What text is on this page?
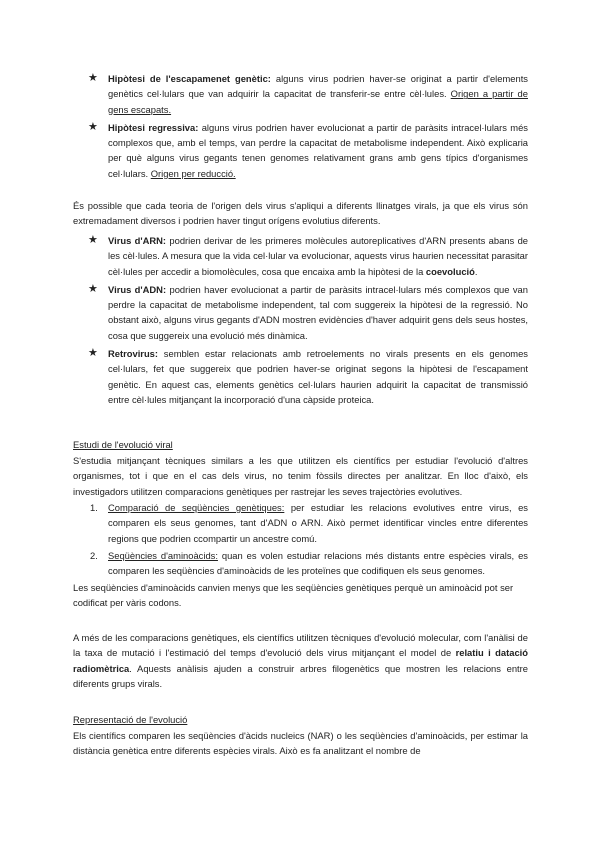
★ Hipòtesi de l'escapamenet genètic: alguns virus podrien haver-se originat a partir d'elements genètics cel·lulars que van adquirir la capacitat de transferir-se entre cèl·lules. Origen a partir de gens escapats.
★ Hipòtesi regressiva: alguns virus podrien haver evolucionat a partir de paràsits intracel·lulars més complexos que, amb el temps, van perdre la capacitat de metabolisme independent. Això explicaria per què alguns virus gegants tenen genomes relativament grans amb gens típics d'organismes cel·lulars. Origen per reducció.

És possible que cada teoria de l'origen dels virus s'apliqui a diferents llinatges virals, ja que els virus són extremadament diversos i podrien haver tingut orígens evolutius diferents.

★ Virus d'ARN: podrien derivar de les primeres molècules autoreplicatives d'ARN presents abans de les cèl·lules. A mesura que la vida cel·lular va evolucionar, aquests virus haurien necessitat parasitar cèl·lules per accedir a biomolècules, cosa que encaixa amb la hipòtesi de la coevolució.
★ Virus d'ADN: podrien haver evolucionat a partir de paràsits intracel·lulars més complexos que van perdre la capacitat de metabolisme independent, tal com suggereix la hipòtesi de la regressió. No obstant això, alguns virus gegants d'ADN mostren evidències d'haver adquirit gens dels seus hostes, cosa que suggereix una evolució més dinàmica.
★ Retrovirus: semblen estar relacionats amb retroelements no virals presents en els genomes cel·lulars, fet que suggereix que podrien haver-se originat segons la hipòtesi de l'escapament genètic. En aquest cas, elements genètics cel·lulars haurien adquirit la capacitat de transmissió entre cèl·lules mitjançant la incorporació d'una càpside proteica.

Estudi de l'evolució viral

S'estudia mitjançant tècniques similars a les que utilitzen els científics per estudiar l'evolució d'altres organismes, tot i que en el cas dels virus, no tenim fòssils directes per analitzar. En lloc d'això, els investigadors utilitzen comparacions genètiques per rastrejar les seves trajectòries evolutives.

1. Comparació de seqüències genètiques: per estudiar les relacions evolutives entre virus, es comparen els seus genomes, tant d'ADN o ARN. Això permet identificar vincles entre diferentes regions que podrien ccompartir un ancestre comú.
2. Seqüències d'aminoàcids: quan es volen estudiar relacions més distants entre espècies virals, es comparen les seqüències d'aminoàcids de les proteïnes que codifiquen els seus genomes.

Les seqüències d'aminoàcids canvien menys que les seqüències genètiques perquè un aminoàcid pot ser codificat per vàris codons.

A més de les comparacions genètiques, els científics utilitzen tècniques d'evolució molecular, com l'anàlisi de la taxa de mutació i l'estimació del temps d'evolució dels virus mitjançant el model de relatiu i datació radiomètrica. Aquests anàlisis ajuden a construir arbres filogenètics que mostren les relacions entre diferents grups virals.

Representació de l'evolució

Els científics comparen les seqüències d'àcids nucleics (NAR) o les seqüències d'aminoàcids, per estimar la distància genètica entre diferents espècies virals. Això es fa analitzant el nombre de
